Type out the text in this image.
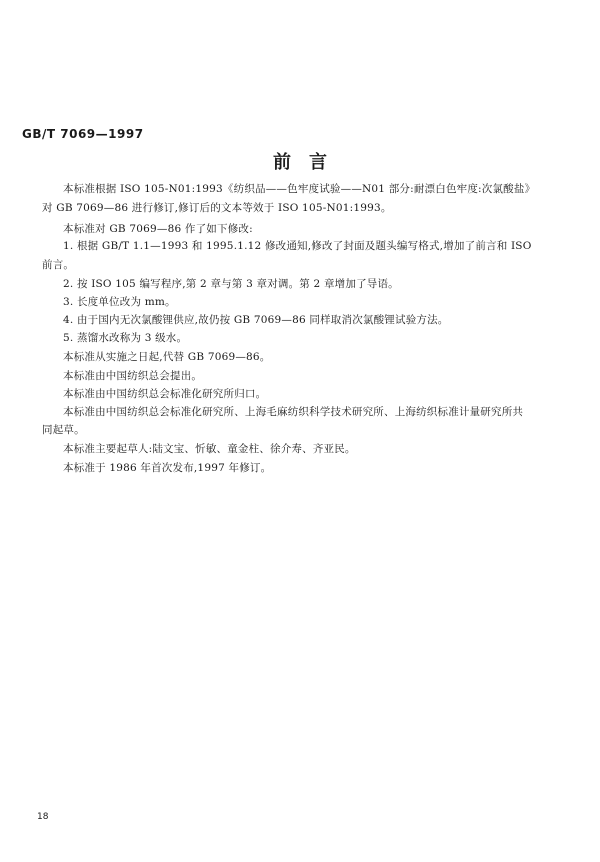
GB/T 7069—1997
前　言
本标准根据 ISO 105-N01:1993《纺织品——色牢度试验——N01 部分:耐漂白色牢度:次氯酸盐》
对 GB 7069—86 进行修订,修订后的文本等效于 ISO 105-N01:1993。
本标准对 GB 7069—86 作了如下修改:
1. 根据 GB/T 1.1—1993 和 1995.1.12 修改通知,修改了封面及题头编写格式,增加了前言和 ISO
前言。
2. 按 ISO 105 编写程序,第 2 章与第 3 章对调。第 2 章增加了导语。
3. 长度单位改为 mm。
4. 由于国内无次氯酸锂供应,故仍按 GB 7069—86 同样取消次氯酸锂试验方法。
5. 蒸馏水改称为 3 级水。
本标准从实施之日起,代替 GB 7069—86。
本标准由中国纺织总会提出。
本标准由中国纺织总会标准化研究所归口。
本标准由中国纺织总会标准化研究所、上海毛麻纺织科学技术研究所、上海纺织标准计量研究所共
同起草。
本标准主要起草人:陆文宝、忻敏、童金柱、徐介寿、齐亚民。
本标准于 1986 年首次发布,1997 年修订。
18
